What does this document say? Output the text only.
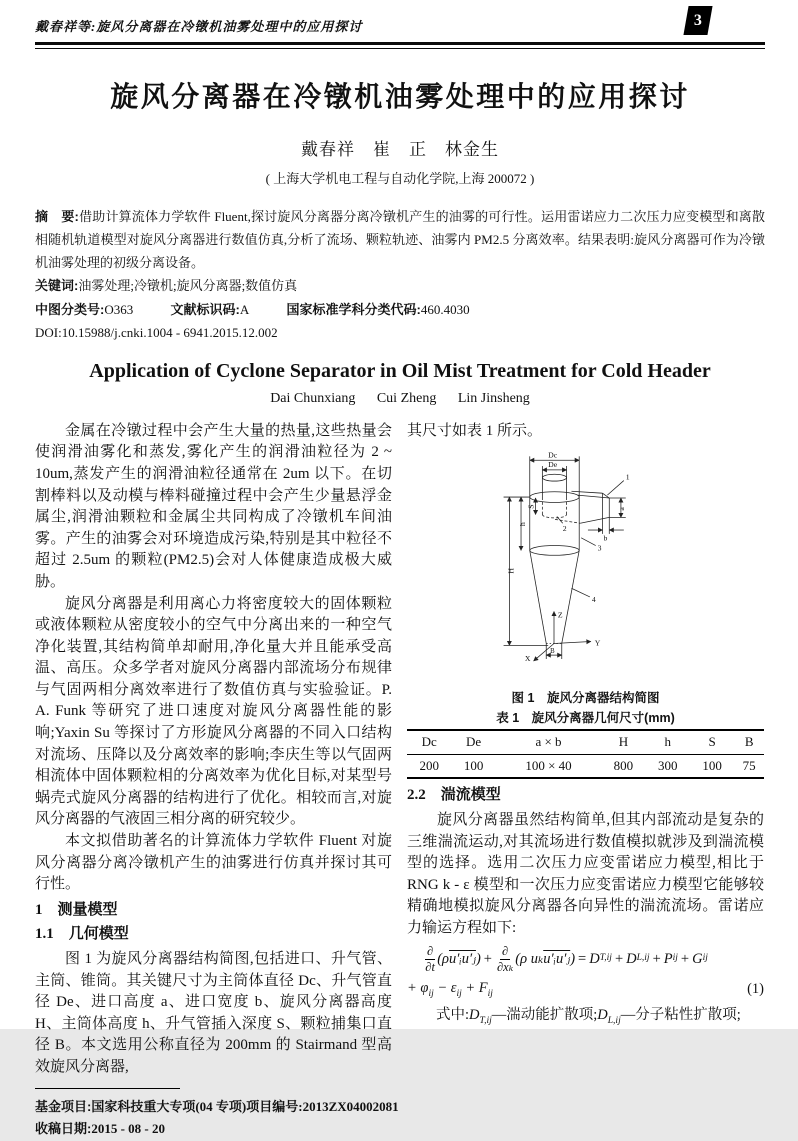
戴春祥等:旋风分离器在冷镦机油雾处理中的应用探讨	3
旋风分离器在冷镦机油雾处理中的应用探讨
戴春祥　崔　正　林金生
( 上海大学机电工程与自动化学院,上海 200072 )
摘　要:借助计算流体力学软件 Fluent,探讨旋风分离器分离冷镦机产生的油雾的可行性。运用雷诺应力二次压力应变模型和离散相随机轨道模型对旋风分离器进行数值仿真,分析了流场、颗粒轨迹、油雾内 PM2.5 分离效率。结果表明:旋风分离器可作为冷镦机油雾处理的初级分离设备。
关键词:油雾处理;冷镦机;旋风分离器;数值仿真
中图分类号:O363	文献标识码:A	国家标准学科分类代码:460.4030
DOI:10.15988/j.cnki.1004 - 6941.2015.12.002
Application of Cyclone Separator in Oil Mist Treatment for Cold Header
Dai Chunxiang Cui Zheng Lin Jinsheng

金属在冷镦过程中会产生大量的热量,这些热量会使润滑油雾化和蒸发,雾化产生的润滑油粒径为 2 ~ 10um,蒸发产生的润滑油粒径通常在 2um 以下。在切割棒料以及动模与棒料碰撞过程中会产生少量悬浮金属尘,润滑油颗粒和金属尘共同构成了冷镦机车间油雾。产生的油雾会对环境造成污染,特别是其中粒径不超过 2.5um 的颗粒(PM2.5)会对人体健康造成极大威胁。

旋风分离器是利用离心力将密度较大的固体颗粒或液体颗粒从密度较小的空气中分离出来的一种空气净化装置,其结构简单却耐用,净化量大并且能承受高温、高压。众多学者对旋风分离器内部流场分布规律与气固两相分离效率进行了数值仿真与实验验证。P. A. Funk 等研究了进口速度对旋风分离器性能的影响;Yaxin Su 等探讨了方形旋风分离器的不同入口结构对流场、压降以及分离效率的影响;李庆生等以气固两相流体中固体颗粒相的分离效率为优化目标,对某型号蜗壳式旋风分离器的结构进行了优化。相较而言,对旋风分离器的气液固三相分离的研究较少。

本文拟借助著名的计算流体力学软件 Fluent 对旋风分离器分离冷镦机产生的油雾进行仿真并探讨其可行性。

1　测量模型
1.1　几何模型

图 1 为旋风分离器结构简图,包括进口、升气管、主筒、锥筒。其关键尺寸为主筒体直径 Dc、升气管直径 De、进口高度 a、进口宽度 b、旋风分离器高度 H、主筒体高度 h、升气管插入深度 S、颗粒捕集口直径 B。本文选用公称直径为 200mm 的 Stairmand 型高效旋风分离器,

其尺寸如表 1 所示。

Dc
De
H
h
S
a
b
B
1
2
3
4
X
Y
Z
图 1　旋风分离器结构简图
表 1　旋风分离器几何尺寸(mm)
Dc	De	a × b	H	h	S	B
200	100	100 × 40	800	300	100	75
2.2　湍流模型

旋风分离器虽然结构简单,但其内部流动是复杂的三维湍流运动,对其流场进行数值模拟就涉及到湍流模型的选择。选用二次压力应变雷诺应力模型,相比于 RNG k - ε 模型和一次压力应变雷诺应力模型它能够较精确地模拟旋风分离器各向异性的湍流流场。雷诺应力输运方程如下:

$\frac{\partial}{\partial t} (\rho$ u′ᵢu′ⱼ ) + $\frac{\partial}{\text{∂xₖ}} (\rho$ uₖ u′ᵢu′ⱼ ) = D T,ij + D L,ij + P ij + G ij
+ $\varphi_{ij} - \varepsilon_{ij} + F_{ij}$	(1)
式中$:D_{T,ij}—$湍动能扩散项$;D_{L,ij}—$分子粘性扩散项;
基金项目:国家科技重大专项(04 专项)项目编号:2013ZX04002081
收稿日期:2015 - 08 - 20
